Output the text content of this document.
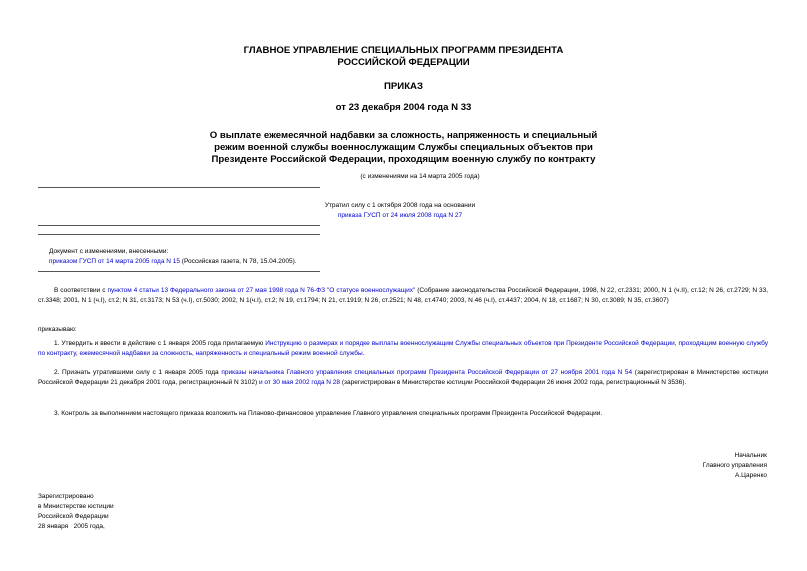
ГЛАВНОЕ УПРАВЛЕНИЕ СПЕЦИАЛЬНЫХ ПРОГРАММ ПРЕЗИДЕНТА
РОССИЙСКОЙ ФЕДЕРАЦИИ
ПРИКАЗ
от 23 декабря 2004 года N 33
О выплате ежемесячной надбавки за сложность, напряженность и специальный
режим военной службы военнослужащим Службы специальных объектов при
Президенте Российской Федерации, проходящим военную службу по контракту
(с изменениями на 14 марта 2005 года)
Утратил силу с 1 октября 2008 года на основании
приказа ГУСП от 24 июля 2008 года N 27
Документ с изменениями, внесенными:
приказом ГУСП от 14 марта 2005 года N 15 (Российская газета, N 78, 15.04.2005).
В соответствии с пунктом 4 статьи 13 Федерального закона от 27 мая 1998 года N 76-ФЗ "О статусе военнослужащих" (Собрание законодательства Российской Федерации, 1998, N 22, ст.2331; 2000, N 1 (ч.II), ст.12; N 26, ст.2729; N 33, ст.3348; 2001, N 1 (ч.I), ст.2; N 31, ст.3173; N 53 (ч.I), ст.5030; 2002, N 1(ч.I), ст.2; N 19, ст.1794; N 21, ст.1919; N 26, ст.2521; N 48, ст.4740; 2003, N 46 (ч.I), ст.4437; 2004, N 18, ст.1687; N 30, ст.3089; N 35, ст.3607)
приказываю:
1. Утвердить и ввести в действие с 1 января 2005 года прилагаемую Инструкцию о размерах и порядке выплаты военнослужащим Службы специальных объектов при Президенте Российской Федерации, проходящим военную службу по контракту, ежемесячной надбавки за сложность, напряженность и специальный режим военной службы.
2. Признать утратившими силу с 1 января 2005 года приказы начальника Главного управления специальных программ Президента Российской Федерации от 27 ноября 2001 года N 54 (зарегистрирован в Министерстве юстиции Российской Федерации 21 декабря 2001 года, регистрационный N 3102) и от 30 мая 2002 года N 28 (зарегистрирован в Министерстве юстиции Российской Федерации 26 июня 2002 года, регистрационный N 3536).
3. Контроль за выполнением настоящего приказа возложить на Планово-финансовое управление Главного управления специальных программ Президента Российской Федерации.
Начальник
Главного управления
А.Царенко
Зарегистрировано
в Министерстве юстиции
Российской Федерации
28 января   2005 года,
